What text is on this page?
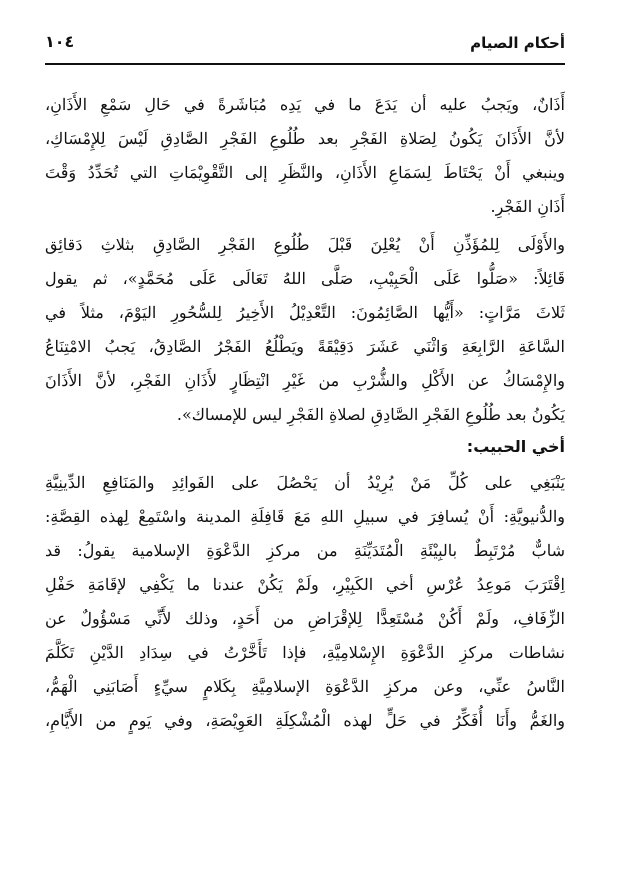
أحكام الصيام
١٠٤
أَذَانٌ، ويَجبُ عليه أن يَدَعَ ما في يَدِه مُبَاشَرةً في حَالِ سَمْعِ الأَذَانِ،
لأنَّ الأَذَانَ يَكُونُ لِصَلاةِ الفَجْرِ بعد طُلُوعِ الفَجْرِ الصَّادِقِ لَيْسَ لِلإِمْسَاكِ،
وينبغي أَنْ يَحْتَاطَ لِسَمَاعِ الأَذَانِ، والنَّظَرِ إلى التَّقْوِيْمَاتِ التي تُحَدِّدُ وَقْتَ
أَذَانِ الفَجْرِ.
والأَوْلَى لِلمُؤَذِّنِ أَنْ يُعْلِنَ قَبْلَ طُلُوعِ الفَجْرِ الصَّادِقِ بثلاثِ دَقائِق
قَائِلاً: «صَلُّوا عَلَى الْحَبِيْبِ، صَلَّى اللهُ تَعَالَى عَلَى مُحَمَّدٍ»، ثم يقول
ثَلاثَ مَرَّاتٍ: «أَيُّها الصَّائِمُونَ: التَّعْدِيْلُ الأَخِيرُ لِلسُّحُورِ اليَوْمَ، مثلاً في
السَّاعَةِ الرَّابِعَةِ وَاثْنَي عَشَرَ دَقِيْقَةً ويَطْلُعُ الفَجْرُ الصَّادِقُ، يَجبُ الامْتِنَاعُ
والإِمْسَاكُ عن الأَكْلِ والشُّرْبِ من غَيْرِ انْتِظَارٍ لأَذَانِ الفَجْرِ، لأنَّ الأَذَانَ
يَكُونُ بعد طُلُوعِ الفَجْرِ الصَّادِقِ لصلاةِ الفَجْرِ ليس للإمساك».
أخي الحبيب:
يَنْبَغِي على كُلِّ مَنْ يُرِيْدُ أن يَحْصُلَ على الفَوائِدِ والمَنَافِعِ الدِّينِيَّةِ
والدُّنيويَّةِ: أَنْ يُسافِرَ في سبيلِ اللهِ مَعَ قَافِلَةِ المدينة واسْتَمِعْ لِهذه القِصَّةِ:
شابٌّ مُرْتَبِطٌ بالبِيْئَةِ الْمُتَدَيِّنَةِ من مركزِ الدَّعْوَةِ الإسلامية يقولُ: قد
اِقْتَرَبَ مَوعِدُ عُرْسِ أخي الكَبِيْرِ، ولَمْ يَكُنْ عندنا ما يَكْفِي لإقَامَةِ حَفْلِ
الزِّفَافِ، ولَمْ أَكُنْ مُسْتَعِدًّا لِلإقْرَاضِ من أَحَدٍ، وذلك لأَنِّي مَسْؤُولٌ عن
نشاطات مركزِ الدَّعْوَةِ الإِسْلامِيَّةِ، فإذا تَأَخَّرْتُ في سِدَادِ الدَّيْنِ تَكَلَّمَ
النَّاسُ عنِّي، وعن مركزِ الدَّعْوَةِ الإسلامِيَّةِ بِكَلامٍ سيِّءٍ أَصَابَنِي الْهَمُّ،
والغَمُّ وأَنَا أُفَكِّرُ في حَلٍّ لهذه الْمُشْكِلَةِ العَوِيْصَةِ، وفي يَومٍ من الأَيَّامِ،
